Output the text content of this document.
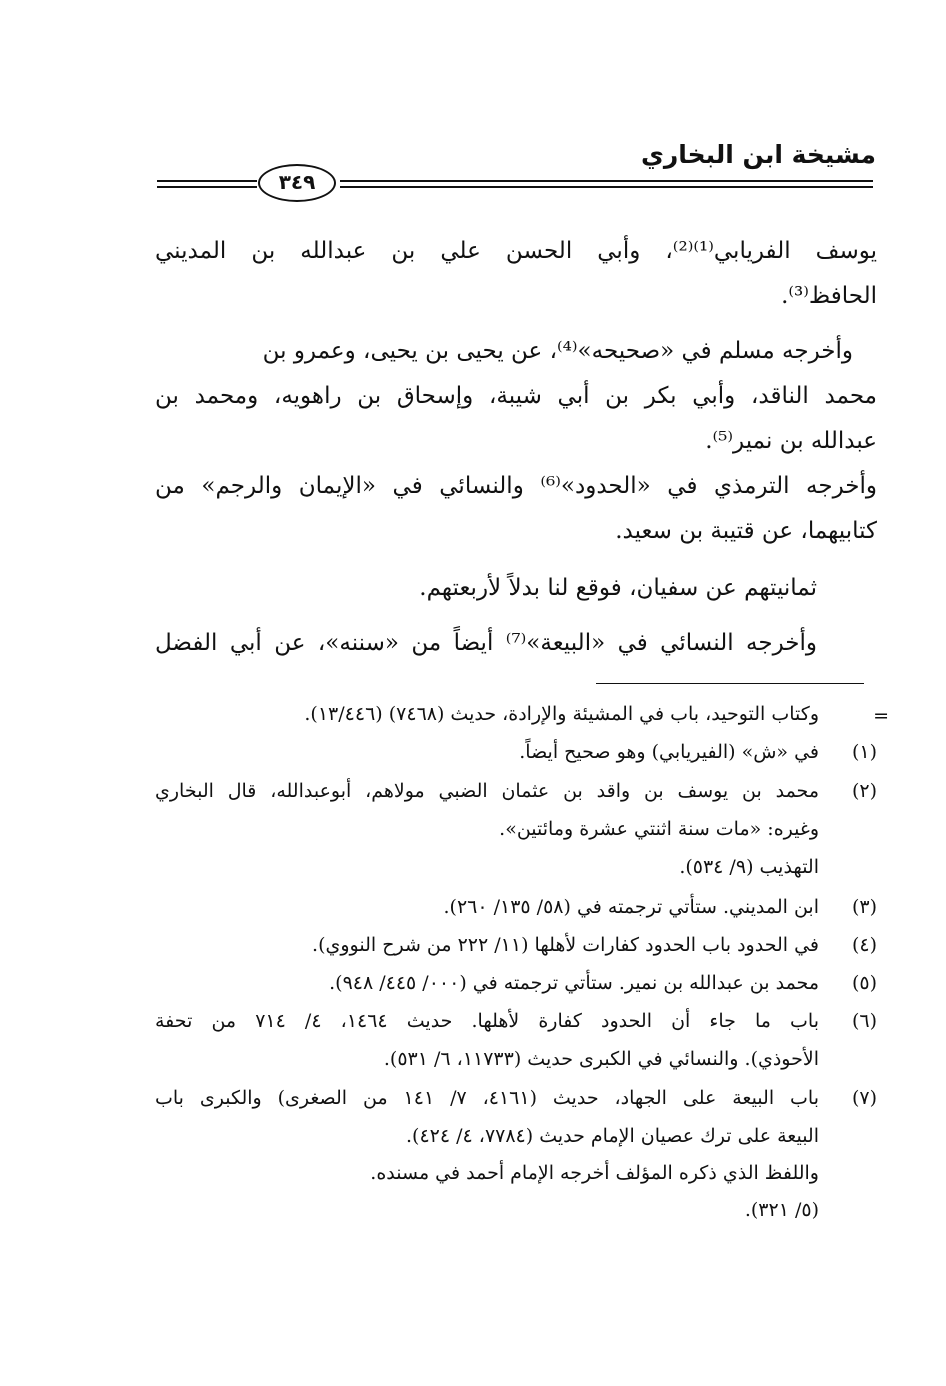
مشيخة ابن البخاري
٣٤٩
يوسف الفريابي⁽¹⁾⁽²⁾، وأبي الحسن علي بن عبدالله بن المديني
الحافظ⁽³⁾.
وأخرجه مسلم في «صحيحه»⁽⁴⁾، عن يحيى بن يحيى، وعمرو بن
محمد الناقد، وأبي بكر بن أبي شيبة، وإسحاق بن راهويه، ومحمد بن
عبدالله بن نمير⁽⁵⁾.
وأخرجه الترمذي في «الحدود»⁽⁶⁾ والنسائي في «الإيمان والرجم» من
كتابيهما، عن قتيبة بن سعيد.
ثمانيتهم عن سفيان، فوقع لنا بدلاً لأربعتهم.
وأخرجه النسائي في «البيعة»⁽⁷⁾ أيضاً من «سننه»، عن أبي الفضل
=
وكتاب التوحيد، باب في المشيئة والإرادة، حديث (٧٤٦٨) (١٣/٤٤٦).
(١)
في «ش» (الفيريابي) وهو صحيح أيضاً.
(٢)
محمد بن يوسف بن واقد بن عثمان الضبي مولاهم، أبوعبدالله، قال البخاري
وغيره: «مات سنة اثنتي عشرة ومائتين».
التهذيب (٩/ ٥٣٤).
(٣)
ابن المديني. ستأتي ترجمته في (٥٨/ ١٣٥/ ٢٦٠).
(٤)
في الحدود باب الحدود كفارات لأهلها (١١/ ٢٢٢ من شرح النووي).
(٥)
محمد بن عبدالله بن نمير. ستأتي ترجمته في (٠٠٠/ ٤٤٥/ ٩٤٨).
(٦)
باب ما جاء أن الحدود كفارة لأهلها. حديث ١٤٦٤، ٤/ ٧١٤ من تحفة
الأحوذي). والنسائي في الكبرى حديث (١١٧٣٣، ٦/ ٥٣١).
(٧)
باب البيعة على الجهاد، حديث (٤١٦١، ٧/ ١٤١ من الصغرى) والكبرى باب
البيعة على ترك عصيان الإمام حديث (٧٧٨٤، ٤/ ٤٢٤).
واللفظ الذي ذكره المؤلف أخرجه الإمام أحمد في مسنده.
(٥/ ٣٢١).
